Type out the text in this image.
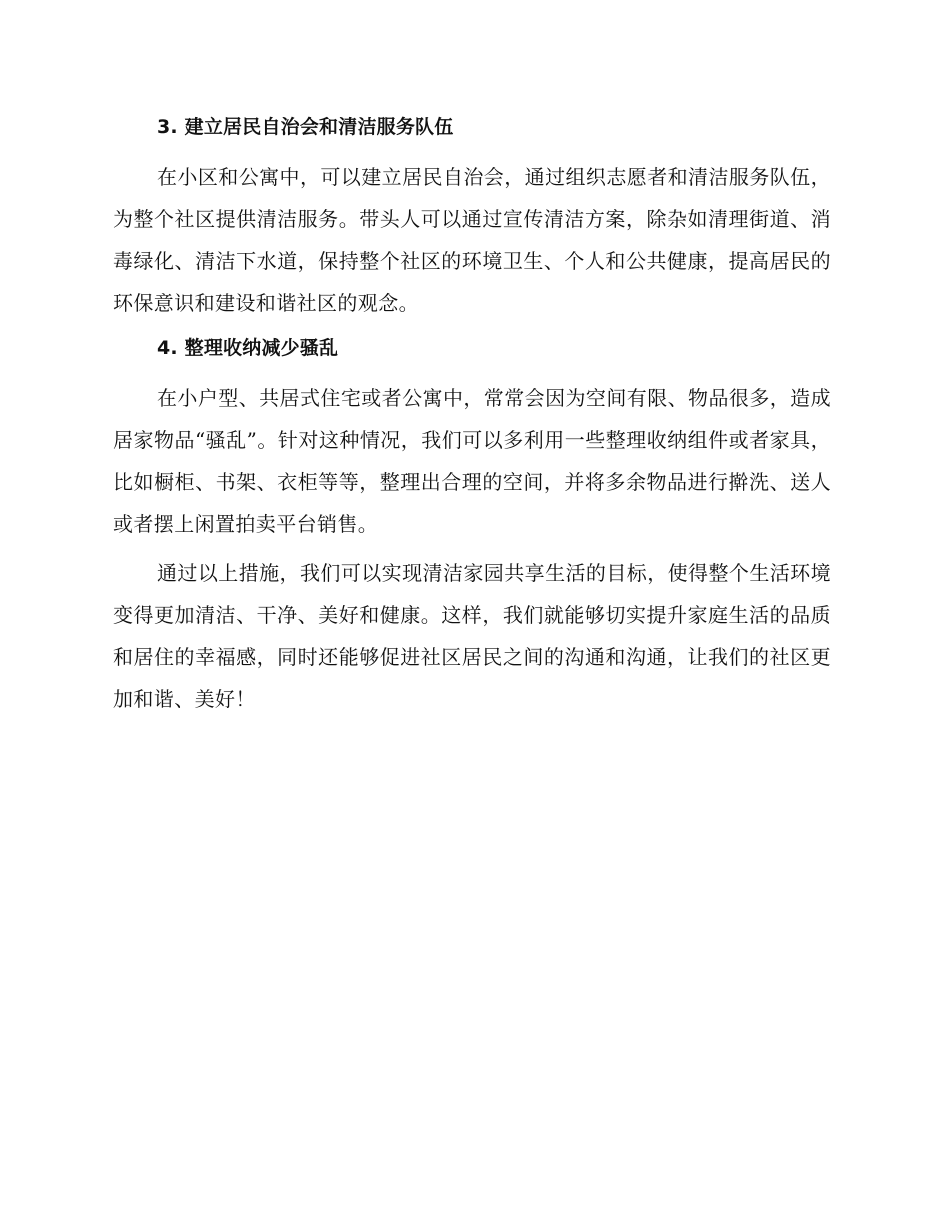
3. 建立居民自治会和清洁服务队伍

在小区和公寓中，可以建立居民自治会，通过组织志愿者和清洁服务队伍，为整个社区提供清洁服务。带头人可以通过宣传清洁方案，除杂如清理街道、消毒绿化、清洁下水道，保持整个社区的环境卫生、个人和公共健康，提高居民的环保意识和建设和谐社区的观念。

4. 整理收纳减少骚乱

在小户型、共居式住宅或者公寓中，常常会因为空间有限、物品很多，造成居家物品“骚乱”。针对这种情况，我们可以多利用一些整理收纳组件或者家具，比如橱柜、书架、衣柜等等，整理出合理的空间，并将多余物品进行擀洗、送人或者摆上闲置拍卖平台销售。

通过以上措施，我们可以实现清洁家园共享生活的目标，使得整个生活环境变得更加清洁、干净、美好和健康。这样，我们就能够切实提升家庭生活的品质和居住的幸福感，同时还能够促进社区居民之间的沟通和沟通，让我们的社区更加和谐、美好！
